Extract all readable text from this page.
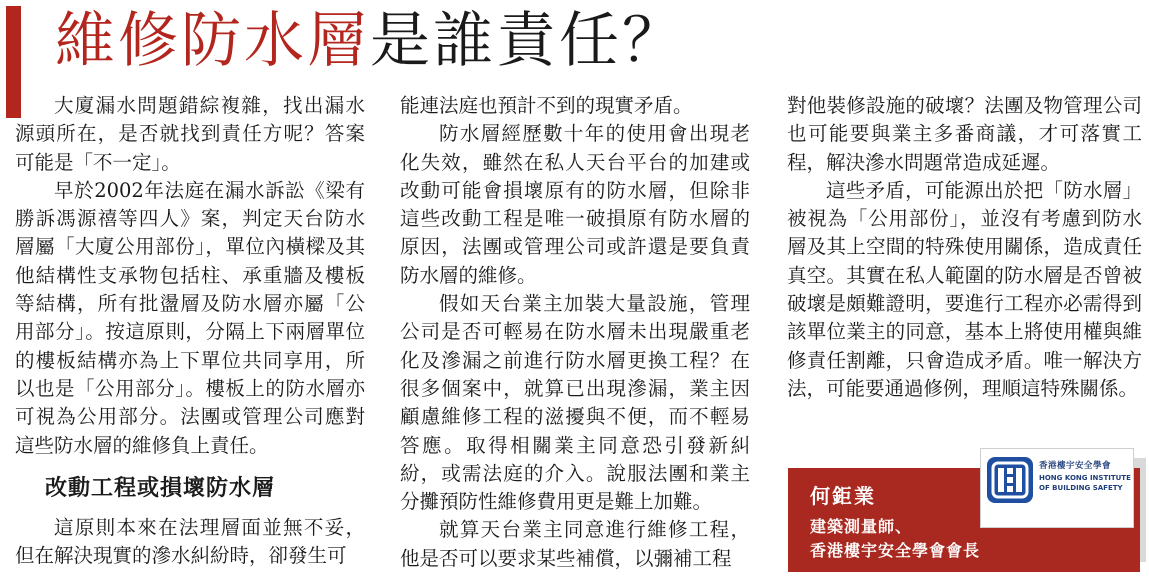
維修防水層是誰責任？

大廈漏水問題錯綜複雜，找出漏水源頭所在，是否就找到責任方呢？答案可能是「不一定」。

早於2002年法庭在漏水訴訟《梁有勝訴馮源禧等四人》案，判定天台防水層屬「大廈公用部份」，單位內橫樑及其他結構性支承物包括柱、承重牆及樓板等結構，所有批盪層及防水層亦屬「公用部分」。按這原則，分隔上下兩層單位的樓板結構亦為上下單位共同享用，所以也是「公用部分」。樓板上的防水層亦可視為公用部分。法團或管理公司應對這些防水層的維修負上責任。

改動工程或損壞防水層

這原則本來在法理層面並無不妥，但在解決現實的滲水糾紛時，卻發生可

能連法庭也預計不到的現實矛盾。

防水層經歷數十年的使用會出現老化失效，雖然在私人天台平台的加建或改動可能會損壞原有的防水層，但除非這些改動工程是唯一破損原有防水層的原因，法團或管理公司或許還是要負責防水層的維修。

假如天台業主加裝大量設施，管理公司是否可輕易在防水層未出現嚴重老化及滲漏之前進行防水層更換工程？在很多個案中，就算已出現滲漏，業主因顧慮維修工程的滋擾與不便，而不輕易答應。取得相關業主同意恐引發新糾紛，或需法庭的介入。說服法團和業主分攤預防性維修費用更是難上加難。

就算天台業主同意進行維修工程，他是否可以要求某些補償，以彌補工程

對他裝修設施的破壞？法團及物管理公司也可能要與業主多番商議，才可落實工程，解決滲水問題常造成延遲。

這些矛盾，可能源出於把「防水層」被視為「公用部份」，並沒有考慮到防水層及其上空間的特殊使用關係，造成責任真空。其實在私人範圍的防水層是否曾被破壞是頗難證明，要進行工程亦必需得到該單位業主的同意，基本上將使用權與維修責任割離，只會造成矛盾。唯一解決方法，可能要通過修例，理順這特殊關係。

何鉅業
建築測量師、
香港樓宇安全學會會長
香港樓宇安全學會
HONG KONG INSTITUTE
OF BUILDING SAFETY
